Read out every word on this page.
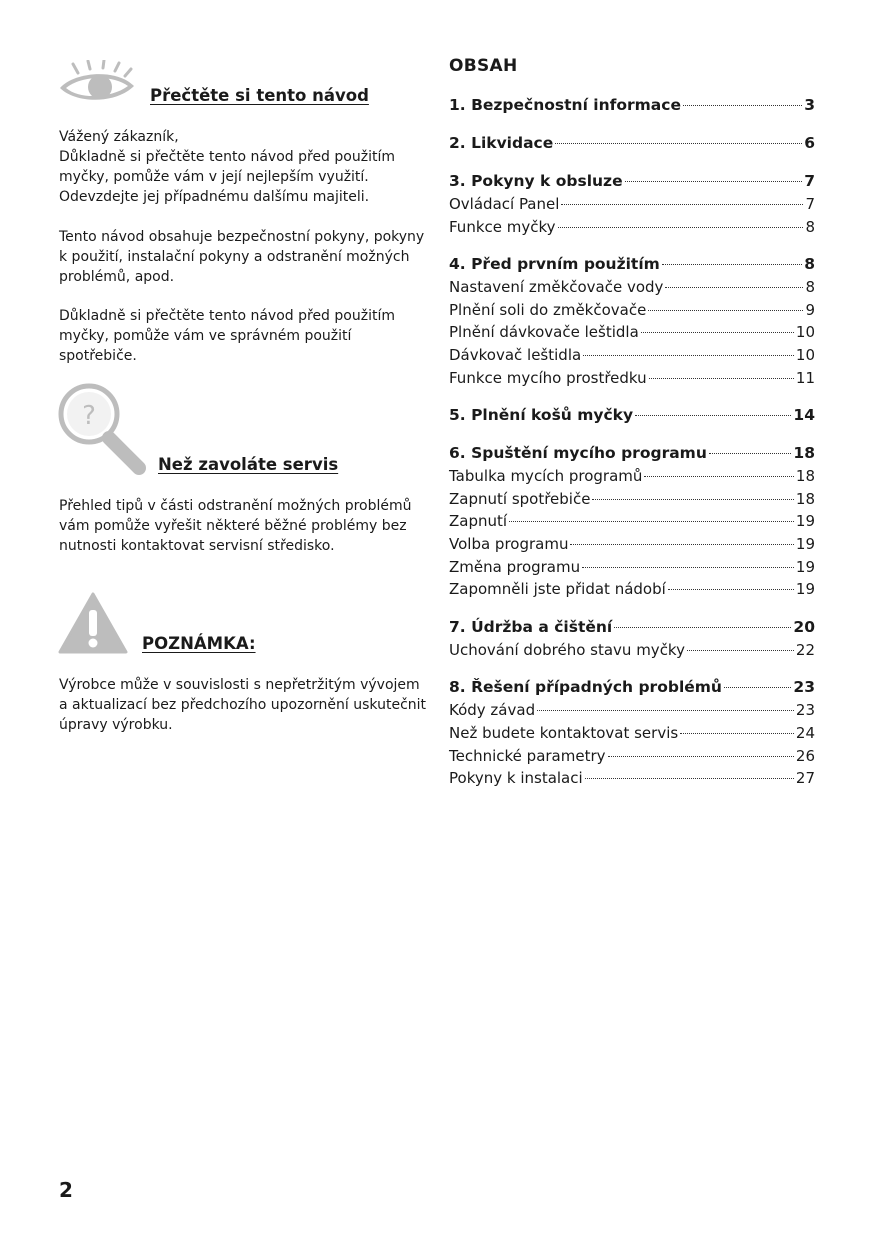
Přečtěte si tento návod

Vážený zákazník,
Důkladně si přečtěte tento návod před použitím
myčky, pomůže vám v její nejlepším využití.
Odevzdejte jej případnému dalšímu majiteli.

Tento návod obsahuje bezpečnostní pokyny, pokyny
k použití, instalační pokyny a odstranění možných
problémů, apod.

Důkladně si přečtěte tento návod před použitím
myčky, pomůže vám ve správném použití spotřebiče.

?
Než zavoláte servis

Přehled tipů v části odstranění možných problémů
vám pomůže vyřešit některé běžné problémy bez
nutnosti kontaktovat servisní středisko.

POZNÁMKA:

Výrobce může v souvislosti s nepřetržitým vývojem
a aktualizací bez předchozího upozornění uskutečnit
úpravy výrobku.

OBSAH
1. Bezpečnostní informace	3
2. Likvidace	6
3. Pokyny k obsluze	7
Ovládací Panel	7
Funkce myčky	8
4. Před prvním použitím	8
Nastavení změkčovače vody	8
Plnění soli do změkčovače	9
Plnění dávkovače leštidla	10
Dávkovač leštidla	10
Funkce mycího prostředku	11
5. Plnění košů myčky	14
6. Spuštění mycího programu	18
Tabulka mycích programů	18
Zapnutí spotřebiče	18
Zapnutí	19
Volba programu	19
Změna programu	19
Zapomněli jste přidat nádobí	19
7. Údržba a čištění	20
Uchování dobrého stavu myčky	22
8. Řešení případných problémů	23
Kódy závad	23
Než budete kontaktovat servis	24
Technické parametry	26
Pokyny k instalaci	27
2
